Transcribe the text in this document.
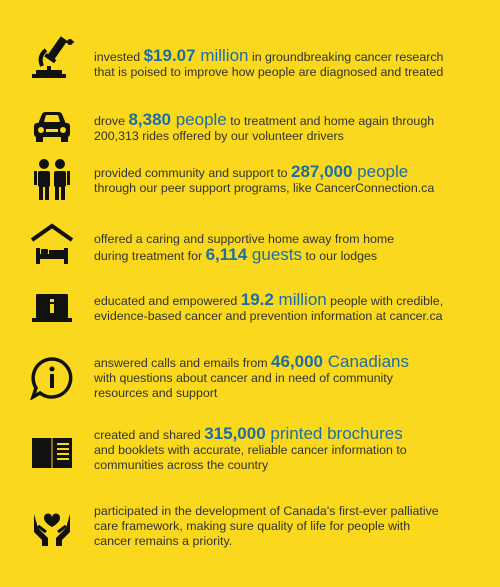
invested $19.07 million in groundbreaking cancer research
that is poised to improve how people are diagnosed and treated
drove 8,380 people to treatment and home again through
200,313 rides offered by our volunteer drivers
provided community and support to 287,000 people
through our peer support programs, like CancerConnection.ca
offered a caring and supportive home away from home
during treatment for 6,114 guests to our lodges
educated and empowered 19.2 million people with credible,
evidence-based cancer and prevention information at cancer.ca
answered calls and emails from 46,000 Canadians
with questions about cancer and in need of community
resources and support
created and shared 315,000 printed brochures
and booklets with accurate, reliable cancer information to
communities across the country
participated in the development of Canada's first-ever palliative
care framework, making sure quality of life for people with
cancer remains a priority.
